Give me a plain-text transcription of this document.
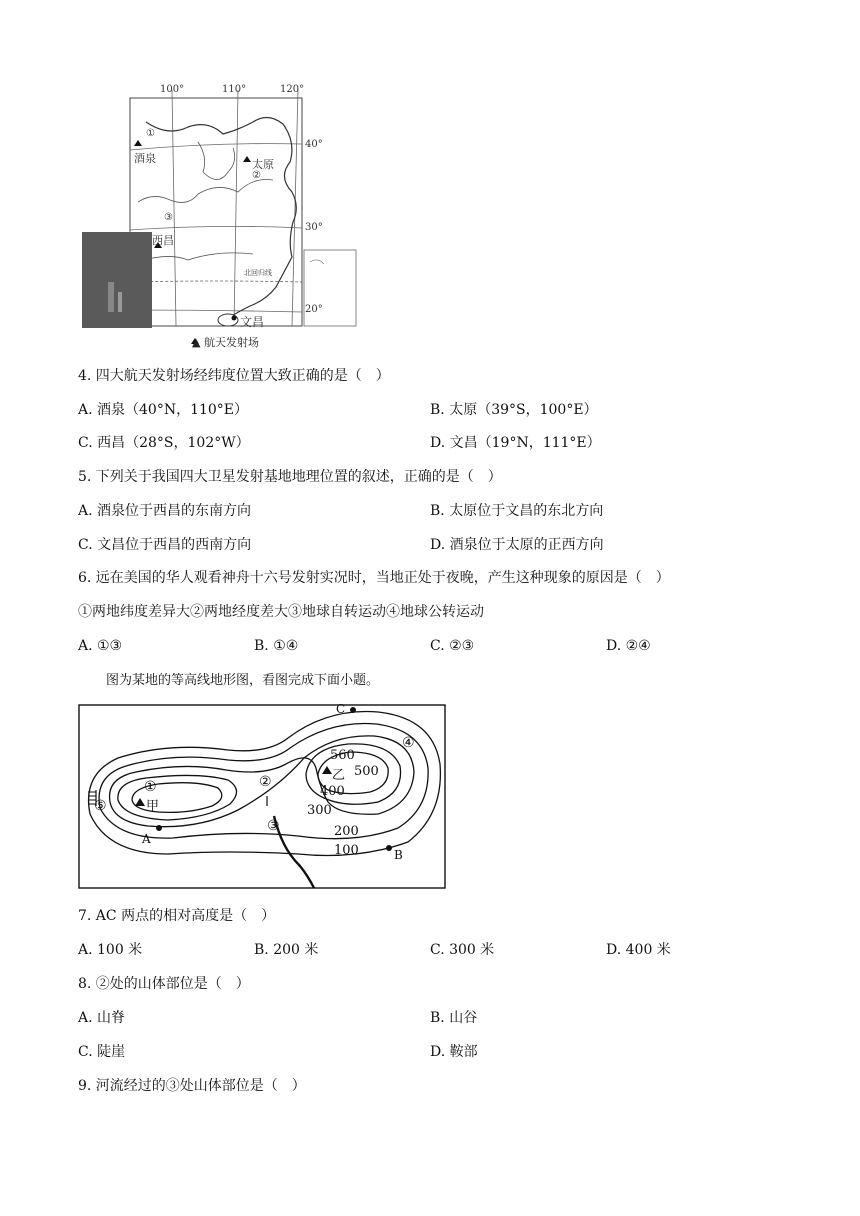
100°	110°	120°
40°
30°
20°
酒泉	太原
西昌
文昌
①
②
③
北回归线
▲ 航天发射场
4. 四大航天发射场经纬度位置大致正确的是（　）
A. 酒泉（40°N，110°E）	B. 太原（39°S，100°E）
C. 西昌（28°S，102°W）	D. 文昌（19°N，111°E）
5. 下列关于我国四大卫星发射基地地理位置的叙述，正确的是（　）
A. 酒泉位于西昌的东南方向	B. 太原位于文昌的东北方向
C. 文昌位于西昌的西南方向	D. 酒泉位于太原的正西方向
6. 远在美国的华人观看神舟十六号发射实况时，当地正处于夜晚，产生这种现象的原因是（　）
①两地纬度差异大②两地经度差大③地球自转运动④地球公转运动
A. ①③	B. ①④	C. ②③	D. ②④
图为某地的等高线地形图，看图完成下面小题。
560
500
400
300
200
100
A
B
C
甲
乙
①	②
③
④
⑤
7. AC 两点的相对高度是（　）
A. 100 米	B. 200 米	C. 300 米	D. 400 米
8. ②处的山体部位是（　）
A. 山脊	B. 山谷
C. 陡崖	D. 鞍部
9. 河流经过的③处山体部位是（　）
